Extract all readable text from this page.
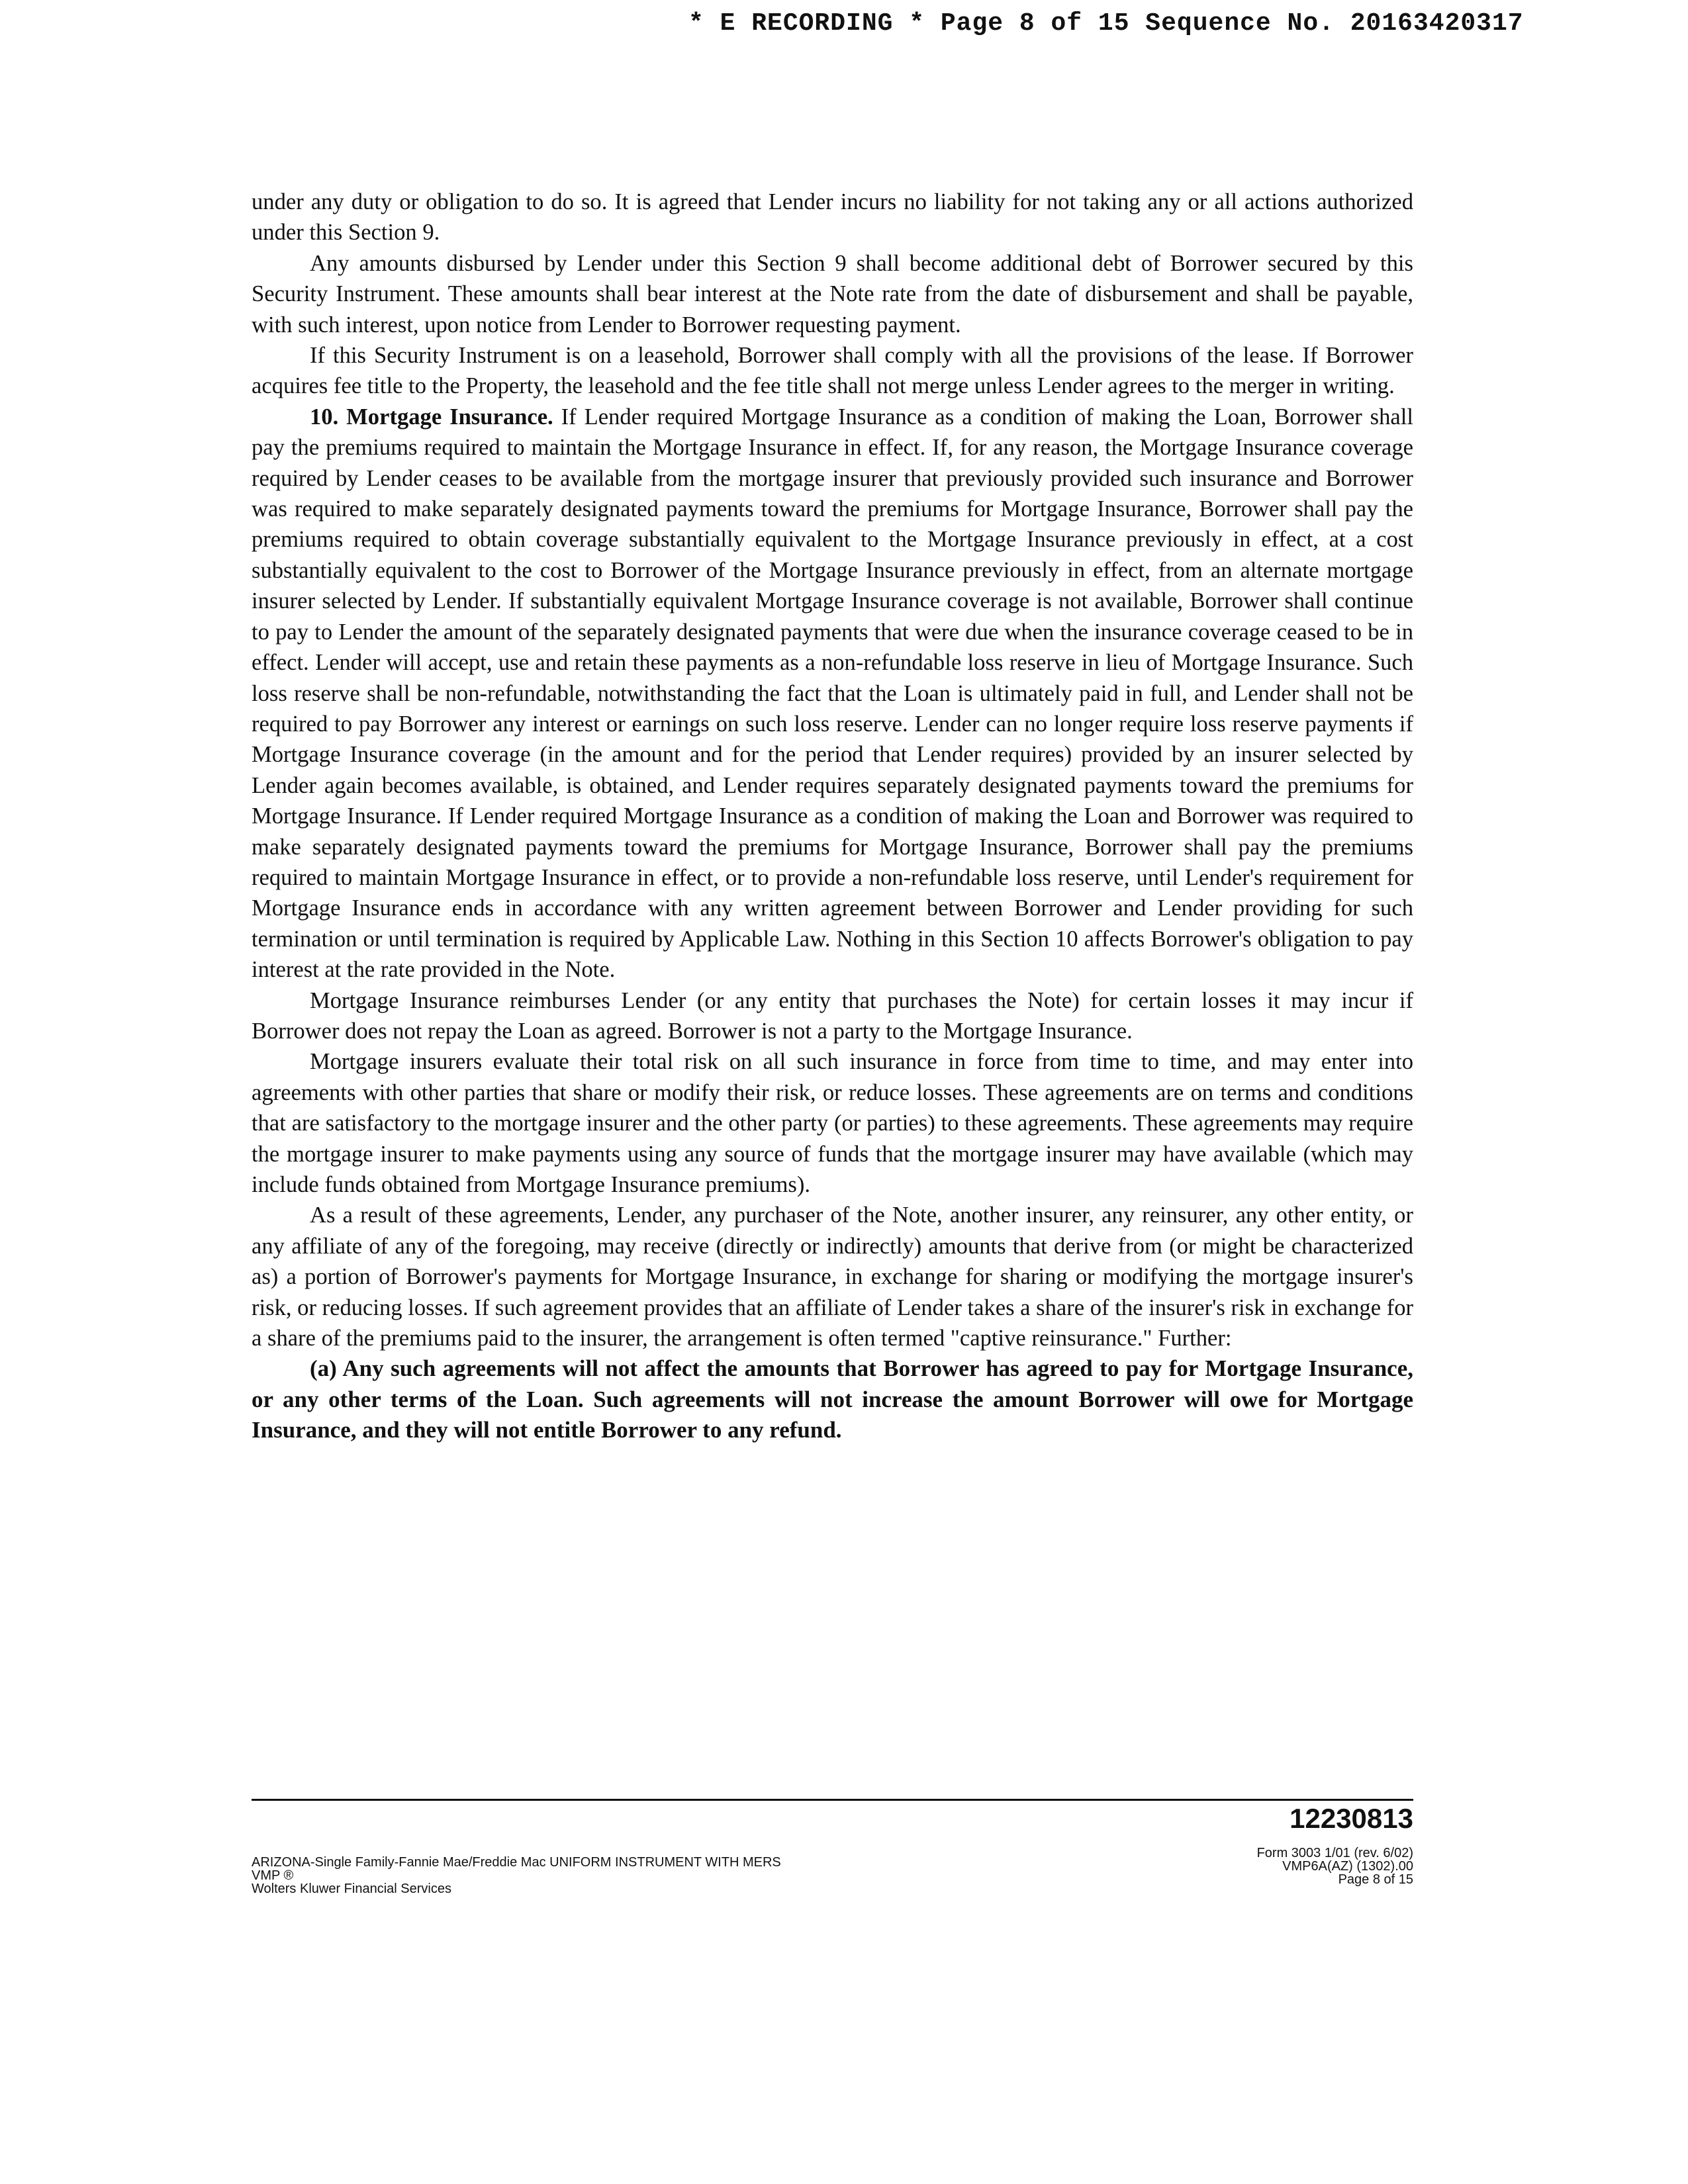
* E RECORDING * Page 8 of 15 Sequence No. 20163420317

under any duty or obligation to do so. It is agreed that Lender incurs no liability for not taking any or all actions authorized under this Section 9.

Any amounts disbursed by Lender under this Section 9 shall become additional debt of Borrower secured by this Security Instrument. These amounts shall bear interest at the Note rate from the date of disbursement and shall be payable, with such interest, upon notice from Lender to Borrower requesting payment.

If this Security Instrument is on a leasehold, Borrower shall comply with all the provisions of the lease. If Borrower acquires fee title to the Property, the leasehold and the fee title shall not merge unless Lender agrees to the merger in writing.

10. Mortgage Insurance. If Lender required Mortgage Insurance as a condition of making the Loan, Borrower shall pay the premiums required to maintain the Mortgage Insurance in effect. If, for any reason, the Mortgage Insurance coverage required by Lender ceases to be available from the mortgage insurer that previously provided such insurance and Borrower was required to make separately designated payments toward the premiums for Mortgage Insurance, Borrower shall pay the premiums required to obtain coverage substantially equivalent to the Mortgage Insurance previously in effect, at a cost substantially equivalent to the cost to Borrower of the Mortgage Insurance previously in effect, from an alternate mortgage insurer selected by Lender. If substantially equivalent Mortgage Insurance coverage is not available, Borrower shall continue to pay to Lender the amount of the separately designated payments that were due when the insurance coverage ceased to be in effect. Lender will accept, use and retain these payments as a non-refundable loss reserve in lieu of Mortgage Insurance. Such loss reserve shall be non-refundable, notwithstanding the fact that the Loan is ultimately paid in full, and Lender shall not be required to pay Borrower any interest or earnings on such loss reserve. Lender can no longer require loss reserve payments if Mortgage Insurance coverage (in the amount and for the period that Lender requires) provided by an insurer selected by Lender again becomes available, is obtained, and Lender requires separately designated payments toward the premiums for Mortgage Insurance. If Lender required Mortgage Insurance as a condition of making the Loan and Borrower was required to make separately designated payments toward the premiums for Mortgage Insurance, Borrower shall pay the premiums required to maintain Mortgage Insurance in effect, or to provide a non-refundable loss reserve, until Lender's requirement for Mortgage Insurance ends in accordance with any written agreement between Borrower and Lender providing for such termination or until termination is required by Applicable Law. Nothing in this Section 10 affects Borrower's obligation to pay interest at the rate provided in the Note.

Mortgage Insurance reimburses Lender (or any entity that purchases the Note) for certain losses it may incur if Borrower does not repay the Loan as agreed. Borrower is not a party to the Mortgage Insurance.

Mortgage insurers evaluate their total risk on all such insurance in force from time to time, and may enter into agreements with other parties that share or modify their risk, or reduce losses. These agreements are on terms and conditions that are satisfactory to the mortgage insurer and the other party (or parties) to these agreements. These agreements may require the mortgage insurer to make payments using any source of funds that the mortgage insurer may have available (which may include funds obtained from Mortgage Insurance premiums).

As a result of these agreements, Lender, any purchaser of the Note, another insurer, any reinsurer, any other entity, or any affiliate of any of the foregoing, may receive (directly or indirectly) amounts that derive from (or might be characterized as) a portion of Borrower's payments for Mortgage Insurance, in exchange for sharing or modifying the mortgage insurer's risk, or reducing losses. If such agreement provides that an affiliate of Lender takes a share of the insurer's risk in exchange for a share of the premiums paid to the insurer, the arrangement is often termed "captive reinsurance." Further:

(a) Any such agreements will not affect the amounts that Borrower has agreed to pay for Mortgage Insurance, or any other terms of the Loan. Such agreements will not increase the amount Borrower will owe for Mortgage Insurance, and they will not entitle Borrower to any refund.

12230813
ARIZONA-Single Family-Fannie Mae/Freddie Mac UNIFORM INSTRUMENT WITH MERS
VMP ®
Wolters Kluwer Financial Services
Form 3003 1/01 (rev. 6/02)
VMP6A(AZ) (1302).00
Page 8 of 15
